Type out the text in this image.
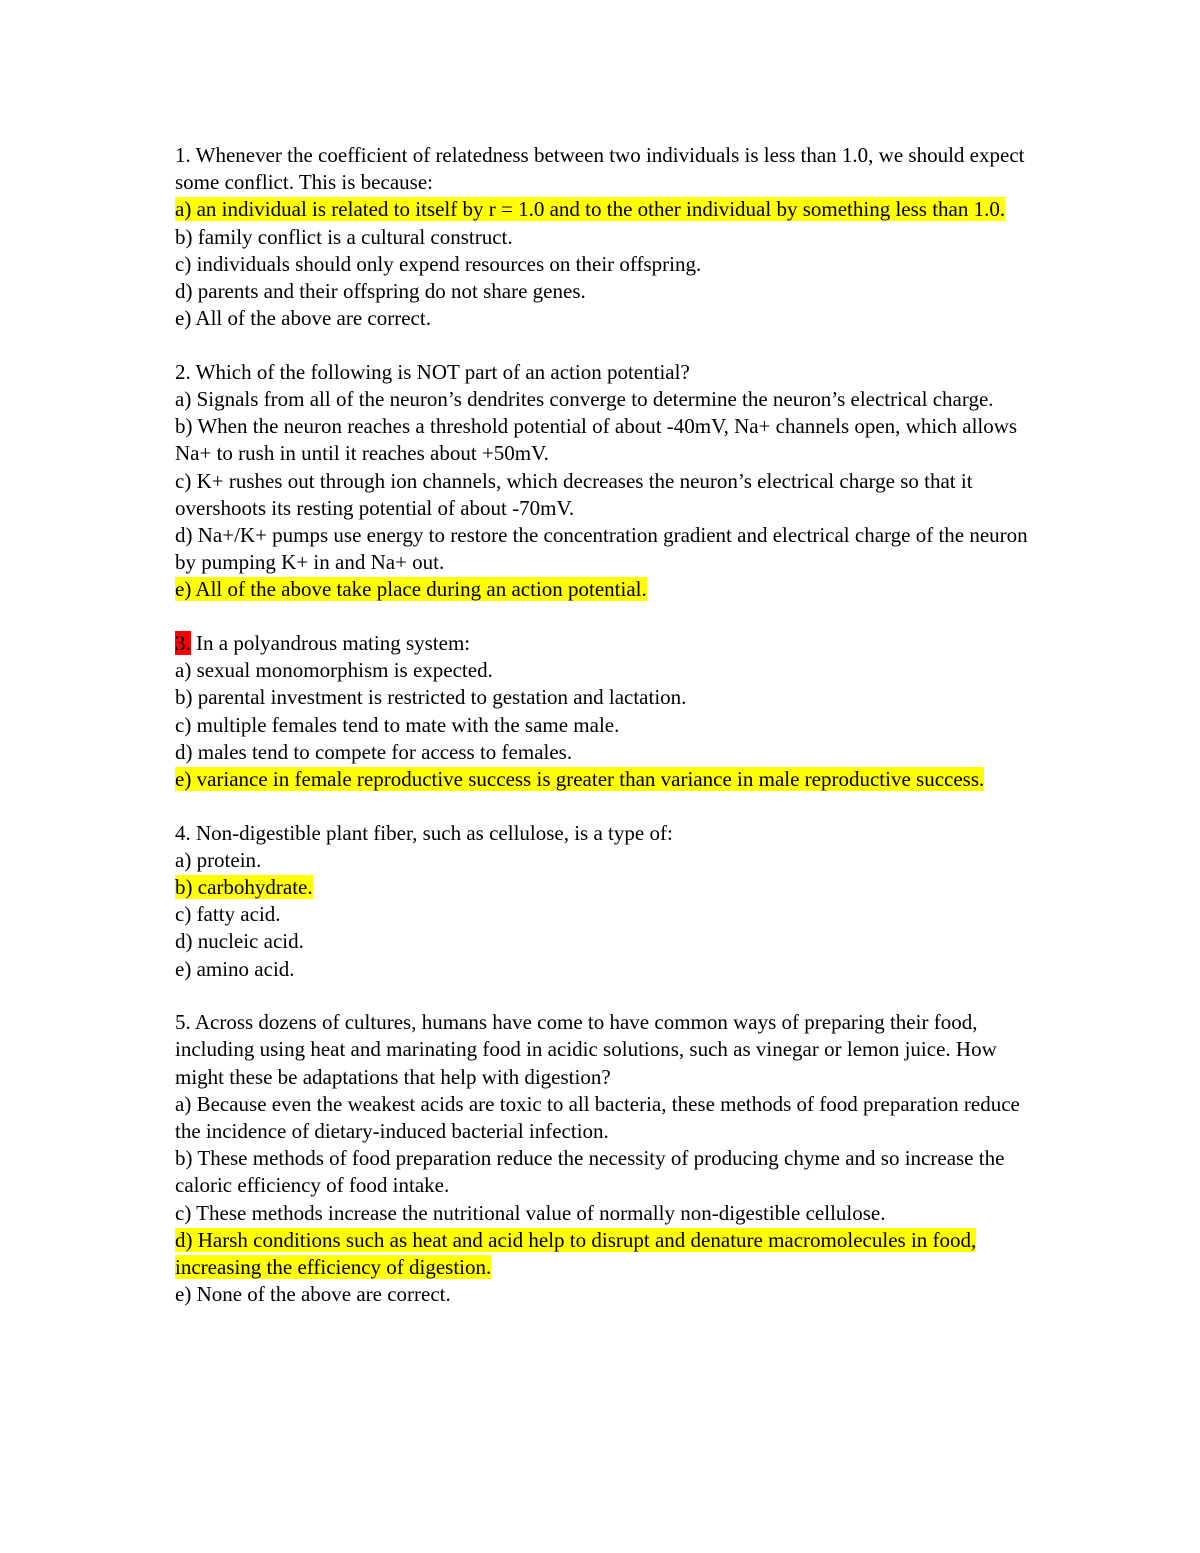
1. Whenever the coefficient of relatedness between two individuals is less than 1.0, we should expect some conflict. This is because:
a) an individual is related to itself by r = 1.0 and to the other individual by something less than 1.0.
b) family conflict is a cultural construct.
c) individuals should only expend resources on their offspring.
d) parents and their offspring do not share genes.
e) All of the above are correct.
2. Which of the following is NOT part of an action potential?
a) Signals from all of the neuron’s dendrites converge to determine the neuron’s electrical charge.
b) When the neuron reaches a threshold potential of about -40mV, Na+ channels open, which allows Na+ to rush in until it reaches about +50mV.
c) K+ rushes out through ion channels, which decreases the neuron’s electrical charge so that it overshoots its resting potential of about -70mV.
d) Na+/K+ pumps use energy to restore the concentration gradient and electrical charge of the neuron by pumping K+ in and Na+ out.
e) All of the above take place during an action potential.
3. In a polyandrous mating system:
a) sexual monomorphism is expected.
b) parental investment is restricted to gestation and lactation.
c) multiple females tend to mate with the same male.
d) males tend to compete for access to females.
e) variance in female reproductive success is greater than variance in male reproductive success.
4. Non-digestible plant fiber, such as cellulose, is a type of:
a) protein.
b) carbohydrate.
c) fatty acid.
d) nucleic acid.
e) amino acid.
5. Across dozens of cultures, humans have come to have common ways of preparing their food, including using heat and marinating food in acidic solutions, such as vinegar or lemon juice. How might these be adaptations that help with digestion?
a) Because even the weakest acids are toxic to all bacteria, these methods of food preparation reduce the incidence of dietary-induced bacterial infection.
b) These methods of food preparation reduce the necessity of producing chyme and so increase the caloric efficiency of food intake.
c) These methods increase the nutritional value of normally non-digestible cellulose.
d) Harsh conditions such as heat and acid help to disrupt and denature macromolecules in food, increasing the efficiency of digestion.
e) None of the above are correct.
